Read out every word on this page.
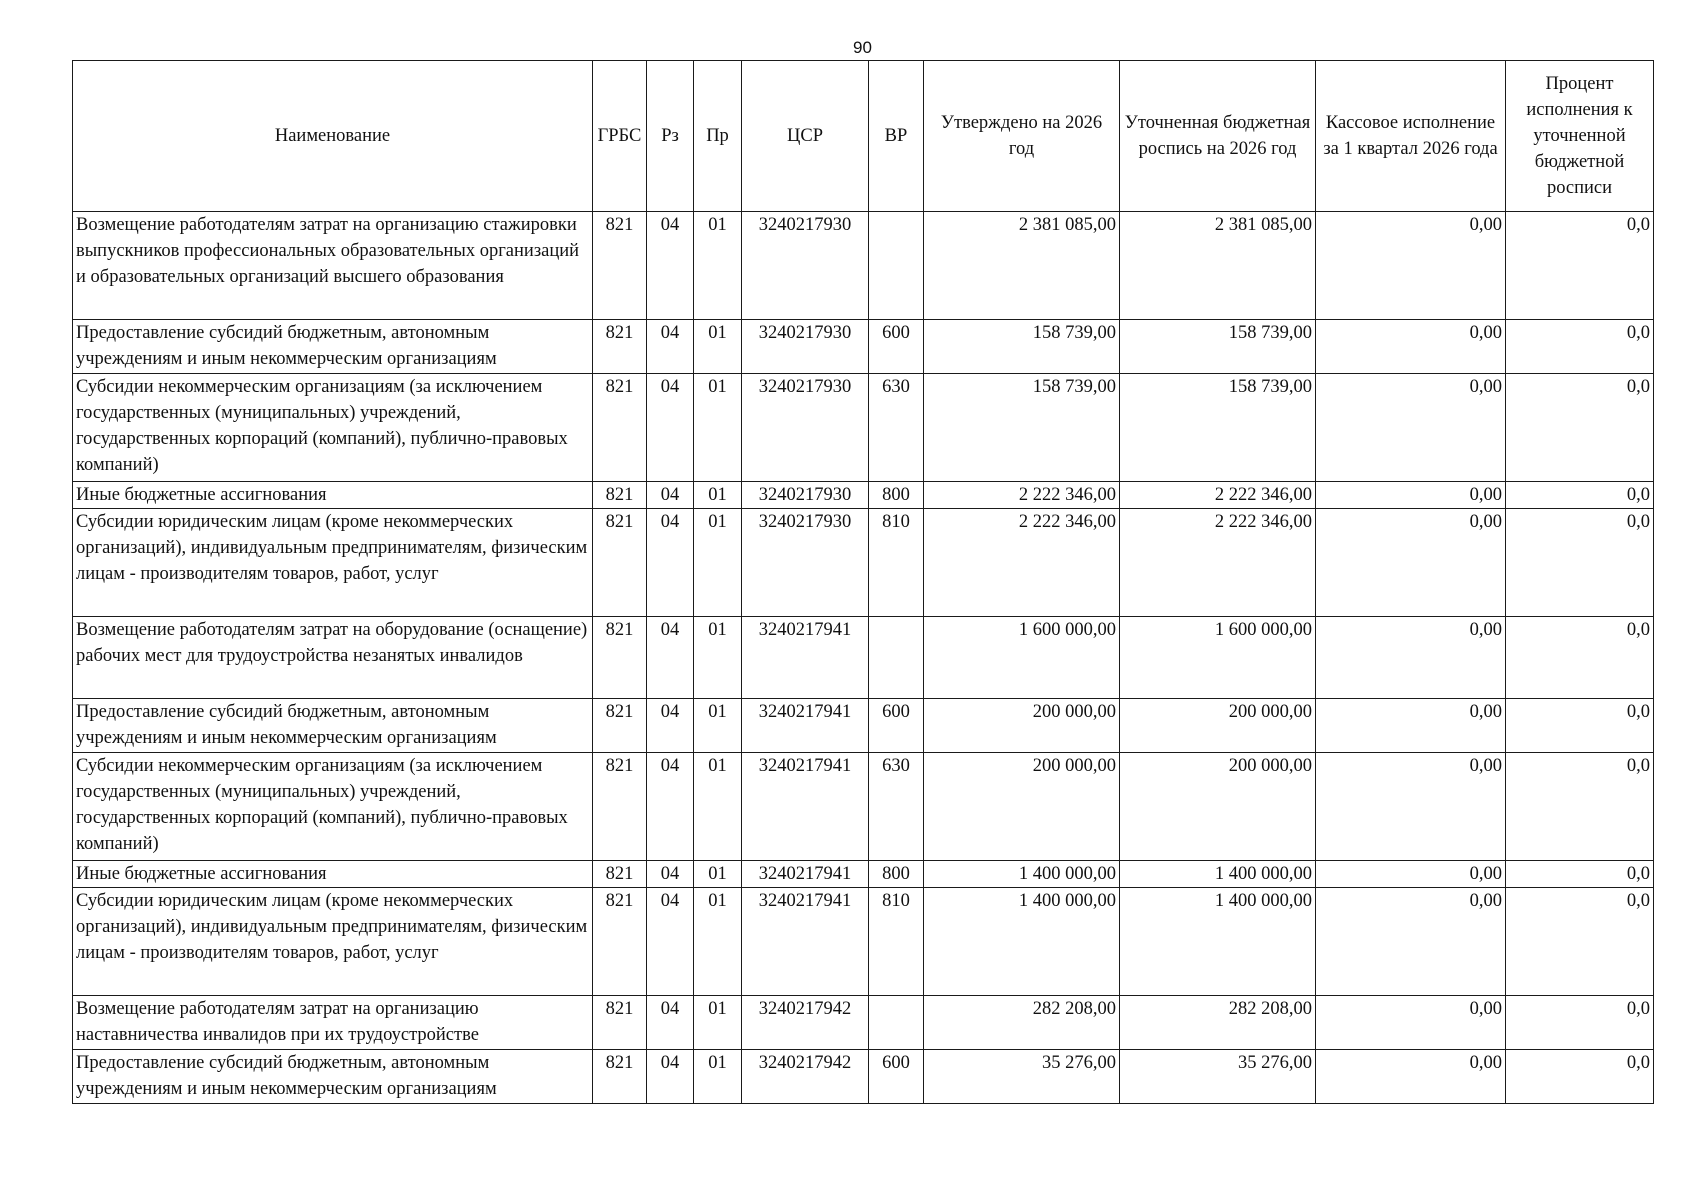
90
Наименование	ГРБС	Рз	Пр	ЦСР	ВР	Утверждено на 2026 год	Уточненная бюджетная роспись на 2026 год	Кассовое исполнение за 1 квартал 2026 года	Процент исполнения к уточненной бюджетной росписи
Возмещение работодателям затрат на организацию стажировки выпускников профессиональных образовательных организаций и образовательных организаций высшего образования	821	04	01	3240217930		2 381 085,00	2 381 085,00	0,00	0,0
Предоставление субсидий бюджетным, автономным учреждениям и иным некоммерческим организациям	821	04	01	3240217930	600	158 739,00	158 739,00	0,00	0,0
Субсидии некоммерческим организациям (за исключением государственных (муниципальных) учреждений, государственных корпораций (компаний), публично-правовых компаний)	821	04	01	3240217930	630	158 739,00	158 739,00	0,00	0,0
Иные бюджетные ассигнования	821	04	01	3240217930	800	2 222 346,00	2 222 346,00	0,00	0,0
Субсидии юридическим лицам (кроме некоммерческих организаций), индивидуальным предпринимателям, физическим лицам - производителям товаров, работ, услуг	821	04	01	3240217930	810	2 222 346,00	2 222 346,00	0,00	0,0
Возмещение работодателям затрат на оборудование (оснащение) рабочих мест для трудоустройства незанятых инвалидов	821	04	01	3240217941		1 600 000,00	1 600 000,00	0,00	0,0
Предоставление субсидий бюджетным, автономным учреждениям и иным некоммерческим организациям	821	04	01	3240217941	600	200 000,00	200 000,00	0,00	0,0
Субсидии некоммерческим организациям (за исключением государственных (муниципальных) учреждений, государственных корпораций (компаний), публично-правовых компаний)	821	04	01	3240217941	630	200 000,00	200 000,00	0,00	0,0
Иные бюджетные ассигнования	821	04	01	3240217941	800	1 400 000,00	1 400 000,00	0,00	0,0
Субсидии юридическим лицам (кроме некоммерческих организаций), индивидуальным предпринимателям, физическим лицам - производителям товаров, работ, услуг	821	04	01	3240217941	810	1 400 000,00	1 400 000,00	0,00	0,0
Возмещение работодателям затрат на организацию наставничества инвалидов при их трудоустройстве	821	04	01	3240217942		282 208,00	282 208,00	0,00	0,0
Предоставление субсидий бюджетным, автономным учреждениям и иным некоммерческим организациям	821	04	01	3240217942	600	35 276,00	35 276,00	0,00	0,0
